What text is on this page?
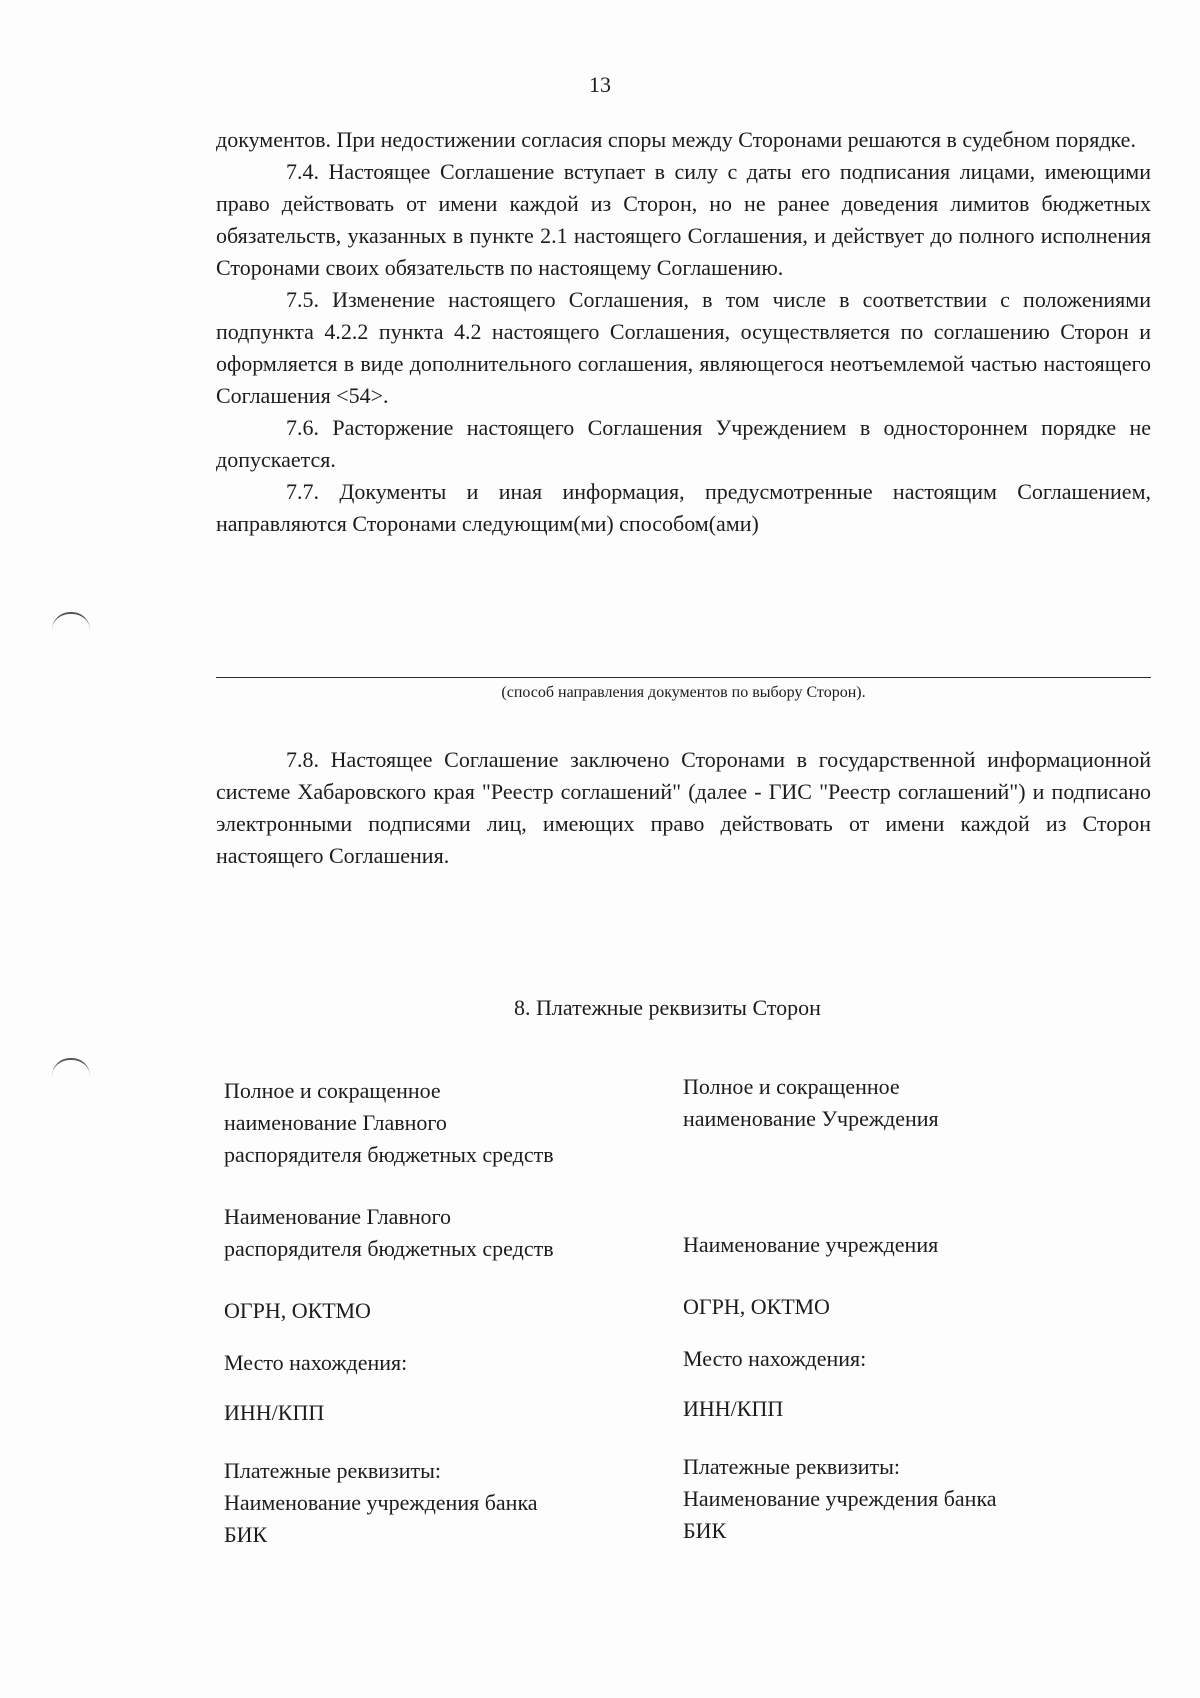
13

документов. При недостижении согласия споры между Сторонами решаются в судебном порядке.

7.4. Настоящее Соглашение вступает в силу с даты его подписания лицами, имеющими право действовать от имени каждой из Сторон, но не ранее доведения лимитов бюджетных обязательств, указанных в пункте 2.1 настоящего Соглашения, и действует до полного исполнения Сторонами своих обязательств по настоящему Соглашению.

7.5. Изменение настоящего Соглашения, в том числе в соответствии с положениями подпункта 4.2.2 пункта 4.2 настоящего Соглашения, осуществляется по соглашению Сторон и оформляется в виде дополнительного соглашения, являющегося неотъемлемой частью настоящего Соглашения <54>.

7.6. Расторжение настоящего Соглашения Учреждением в одностороннем порядке не допускается.

7.7. Документы и иная информация, предусмотренные настоящим Соглашением, направляются Сторонами следующим(ми) способом(ами)

(способ направления документов по выбору Сторон).

7.8. Настоящее Соглашение заключено Сторонами в государственной информационной системе Хабаровского края "Реестр соглашений" (далее - ГИС "Реестр соглашений") и подписано электронными подписями лиц, имеющих право действовать от имени каждой из Сторон настоящего Соглашения.

8. Платежные реквизиты Сторон
Полное и сокращенное
наименование Главного
распорядителя бюджетных средств
Наименование Главного
распорядителя бюджетных средств
ОГРН, ОКТМО
Место нахождения:
ИНН/КПП
Платежные реквизиты:
Наименование учреждения банка
БИК
Полное и сокращенное
наименование Учреждения
Наименование учреждения
ОГРН, ОКТМО
Место нахождения:
ИНН/КПП
Платежные реквизиты:
Наименование учреждения банка
БИК
